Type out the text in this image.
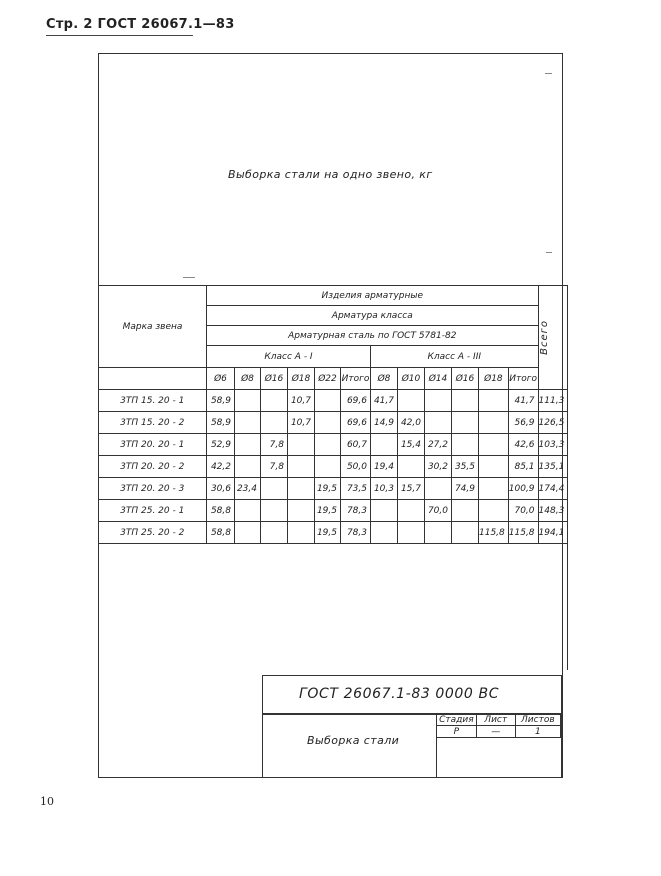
Стр. 2 ГОСТ 26067.1—83
Выборка стали на одно звено, кг
Марка звена	Изделия арматурные												Всего

	Арматура класса												
	Арматурная сталь по ГОСТ 5781-82												
	Класс А - I						Класс А - III						
	Ø6	Ø8	Ø16	Ø18	Ø22	Итого	Ø8	Ø10	Ø14	Ø16	Ø18	Итого	
3ТП 15. 20 - 1	58,9			10,7		69,6	41,7					41,7	111,3
3ТП 15. 20 - 2	58,9			10,7		69,6	14,9	42,0				56,9	126,5
3ТП 20. 20 - 1	52,9		7,8			60,7		15,4	27,2			42,6	103,3
3ТП 20. 20 - 2	42,2		7,8			50,0	19,4		30,2	35,5		85,1	135,1
3ТП 20. 20 - 3	30,6	23,4			19,5	73,5	10,3	15,7		74,9		100,9	174,4
3ТП 25. 20 - 1	58,8				19,5	78,3			70,0			70,0	148,3
3ТП 25. 20 - 2	58,8				19,5	78,3					115,8	115,8	194,1

ГОСТ 26067.1-83 0000 ВС
Выборка стали
Стадия	Лист	Листов
Р	—	1
10
